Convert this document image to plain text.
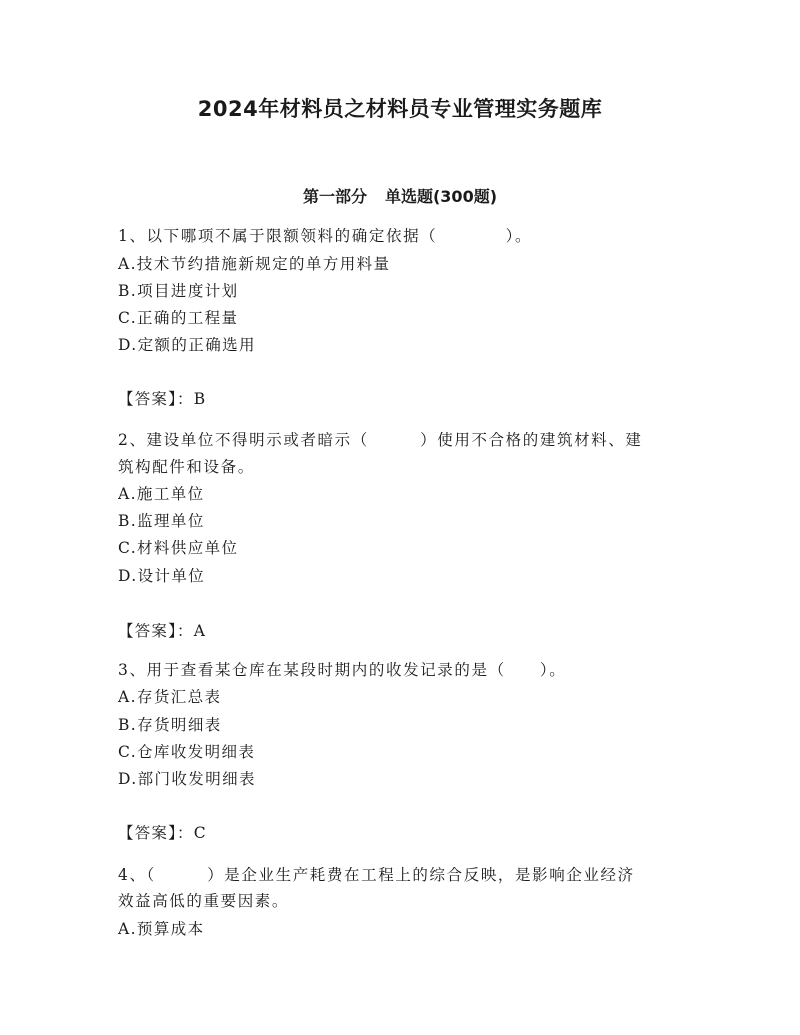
2024年材料员之材料员专业管理实务题库
第一部分 单选题(300题)
1、以下哪项不属于限额领料的确定依据（　　　　）。
A.技术节约措施新规定的单方用料量
B.项目进度计划
C.正确的工程量
D.定额的正确选用
【答案】：B
2、建设单位不得明示或者暗示（　　　）使用不合格的建筑材料、建
筑构配件和设备。
A.施工单位
B.监理单位
C.材料供应单位
D.设计单位
【答案】：A
3、用于查看某仓库在某段时期内的收发记录的是（　　）。
A.存货汇总表
B.存货明细表
C.仓库收发明细表
D.部门收发明细表
【答案】：C
4、（　　　）是企业生产耗费在工程上的综合反映，是影响企业经济
效益高低的重要因素。
A.预算成本
